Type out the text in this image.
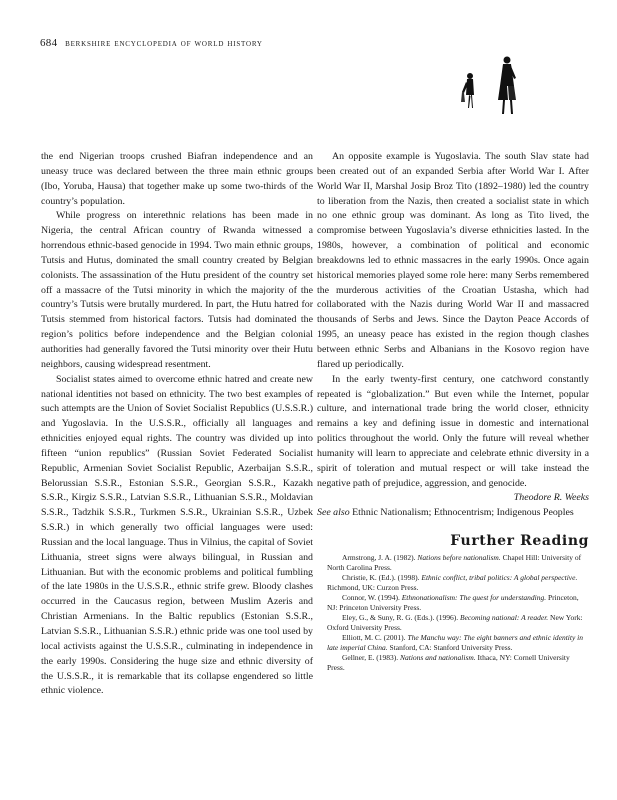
684 berkshire encyclopedia of world history

the end Nigerian troops crushed Biafran independence and an uneasy truce was declared between the three main ethnic groups (Ibo, Yoruba, Hausa) that together make up some two-thirds of the country’s population.

While progress on interethnic relations has been made in Nigeria, the central African country of Rwanda witnessed a horrendous ethnic-based genocide in 1994. Two main ethnic groups, Tutsis and Hutus, dominated the small country created by Belgian colonists. The assassination of the Hutu president of the country set off a massacre of the Tutsi minority in which the majority of the country’s Tutsis were brutally murdered. In part, the Hutu hatred for Tutsis stemmed from historical factors. Tutsis had dominated the region’s politics before independence and the Belgian colonial authorities had generally favored the Tutsi minority over their Hutu neighbors, causing widespread resentment.

Socialist states aimed to overcome ethnic hatred and create new national identities not based on ethnicity. The two best examples of such attempts are the Union of Soviet Socialist Republics (U.S.S.R.) and Yugoslavia. In the U.S.S.R., officially all languages and ethnicities enjoyed equal rights. The country was divided up into fifteen “union republics” (Russian Soviet Federated Socialist Republic, Armenian Soviet Socialist Republic, Azerbaijan S.S.R., Belorussian S.S.R., Estonian S.S.R., Georgian S.S.R., Kazakh S.S.R., Kirgiz S.S.R., Latvian S.S.R., Lithuanian S.S.R., Moldavian S.S.R., Tadzhik S.S.R., Turkmen S.S.R., Ukrainian S.S.R., Uzbek S.S.R.) in which generally two official languages were used: Russian and the local language. Thus in Vilnius, the capital of Soviet Lithuania, street signs were always bilingual, in Russian and Lithuanian. But with the economic problems and political fumbling of the late 1980s in the U.S.S.R., ethnic strife grew. Bloody clashes occurred in the Caucasus region, between Muslim Azeris and Christian Armenians. In the Baltic republics (Estonian S.S.R., Latvian S.S.R., Lithuanian S.S.R.) ethnic pride was one tool used by local activists against the U.S.S.R., culminating in independence in the early 1990s. Considering the huge size and ethnic diversity of the U.S.S.R., it is remarkable that its collapse engendered so little ethnic violence.

An opposite example is Yugoslavia. The south Slav state had been created out of an expanded Serbia after World War I. After World War II, Marshal Josip Broz Tito (1892–1980) led the country to liberation from the Nazis, then created a socialist state in which no one ethnic group was dominant. As long as Tito lived, the compromise between Yugoslavia’s diverse ethnicities lasted. In the 1980s, however, a combination of political and economic breakdowns led to ethnic massacres in the early 1990s. Once again historical memories played some role here: many Serbs remembered the murderous activities of the Croatian Ustasha, which had collaborated with the Nazis during World War II and massacred thousands of Serbs and Jews. Since the Dayton Peace Accords of 1995, an uneasy peace has existed in the region though clashes between ethnic Serbs and Albanians in the Kosovo region have flared up periodically.

In the early twenty-first century, one catchword constantly repeated is “globalization.” But even while the Internet, popular culture, and international trade bring the world closer, ethnicity remains a key and defining issue in domestic and international politics throughout the world. Only the future will reveal whether humanity will learn to appreciate and celebrate ethnic diversity in a spirit of toleration and mutual respect or will take instead the negative path of prejudice, aggression, and genocide.

Theodore R. Weeks

See also Ethnic Nationalism; Ethnocentrism; Indigenous Peoples

Further Reading

Armstrong, J. A. (1982). Nations before nationalism. Chapel Hill: University of North Carolina Press.

Christie, K. (Ed.). (1998). Ethnic conflict, tribal politics: A global perspective. Richmond, UK: Curzon Press.

Connor, W. (1994). Ethnonationalism: The quest for understanding. Princeton, NJ: Princeton University Press.

Eley, G., & Suny, R. G. (Eds.). (1996). Becoming national: A reader. New York: Oxford University Press.

Elliott, M. C. (2001). The Manchu way: The eight banners and ethnic identity in late imperial China. Stanford, CA: Stanford University Press.

Gellner, E. (1983). Nations and nationalism. Ithaca, NY: Cornell University Press.
